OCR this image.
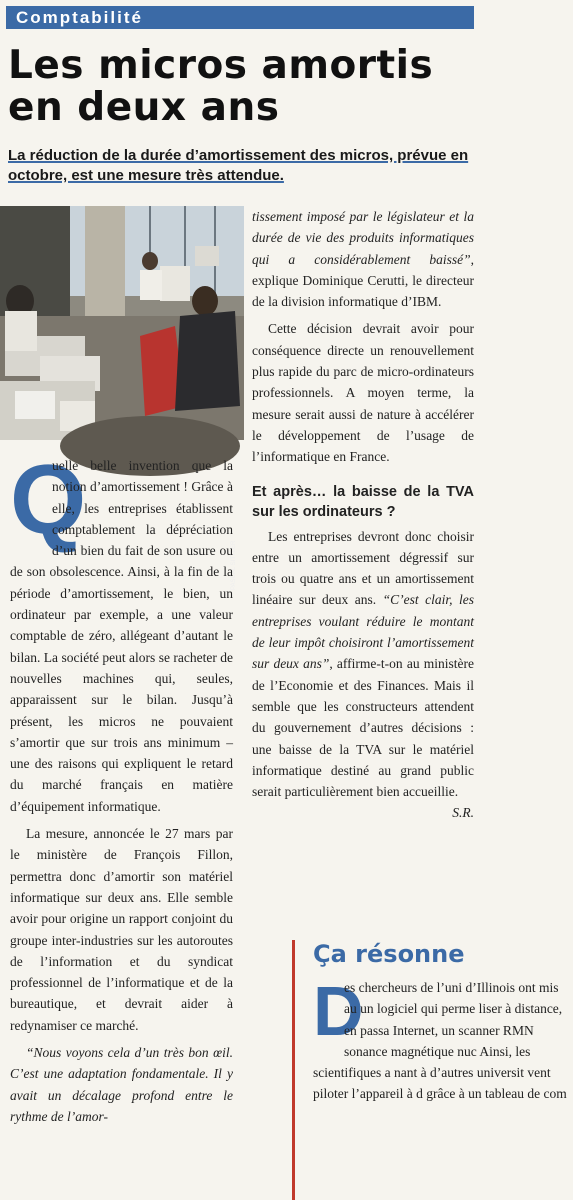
Comptabilité
Les micros amortis en deux ans
La réduction de la durée d’amortissement des micros, prévue en octobre, est une mesure très attendue.
PASCAL SITTLER

Q
uelle belle invention que la notion d’amortissement ! Grâce à elle, les entreprises établissent comptablement la dépréciation d’un bien du fait de son usure ou de son obsolescence. Ainsi, à la fin de la période d’amortissement, le bien, un ordinateur par exemple, a une valeur comptable de zéro, allégeant d’autant le bilan. La société peut alors se racheter de nouvelles machines qui, seules, apparaissent sur le bilan. Jusqu’à présent, les micros ne pouvaient s’amortir que sur trois ans minimum – une des raisons qui expliquent le retard du marché français en matière d’équipement informatique.

La mesure, annoncée le 27 mars par le ministère de François Fillon, permettra donc d’amortir son matériel informatique sur deux ans. Elle semble avoir pour origine un rapport conjoint du groupe inter-industries sur les autoroutes de l’information et du syndicat professionnel de l’informatique et de la bureautique, et devrait aider à redynamiser ce marché.

“Nous voyons cela d’un très bon œil. C’est une adaptation fondamentale. Il y avait un décalage profond entre le rythme de l’amor-

tissement imposé par le législateur et la durée de vie des produits informatiques qui a considérablement baissé”, explique Dominique Cerutti, le directeur de la division informatique d’IBM.

Cette décision devrait avoir pour conséquence directe un renouvellement plus rapide du parc de micro-ordinateurs professionnels. A moyen terme, la mesure serait aussi de nature à accélérer le développement de l’usage de l’informatique en France.

Et après… la baisse de la TVA sur les ordinateurs ?

Les entreprises devront donc choisir entre un amortissement dégressif sur trois ou quatre ans et un amortissement linéaire sur deux ans. “C’est clair, les entreprises voulant réduire le montant de leur impôt choisiront l’amortissement sur deux ans”, affirme-t-on au ministère de l’Economie et des Finances. Mais il semble que les constructeurs attendent du gouvernement d’autres décisions : une baisse de la TVA sur le matériel informatique destiné au grand public serait particulièrement bien accueillie.
S.R.

Ça résonne

D
es chercheurs de l’uni d’Illinois ont mis au un logiciel qui perme liser à distance, en passa Internet, un scanner RMN sonance magnétique nuc Ainsi, les scientifiques a nant à d’autres universit vent piloter l’appareil à d grâce à un tableau de com
